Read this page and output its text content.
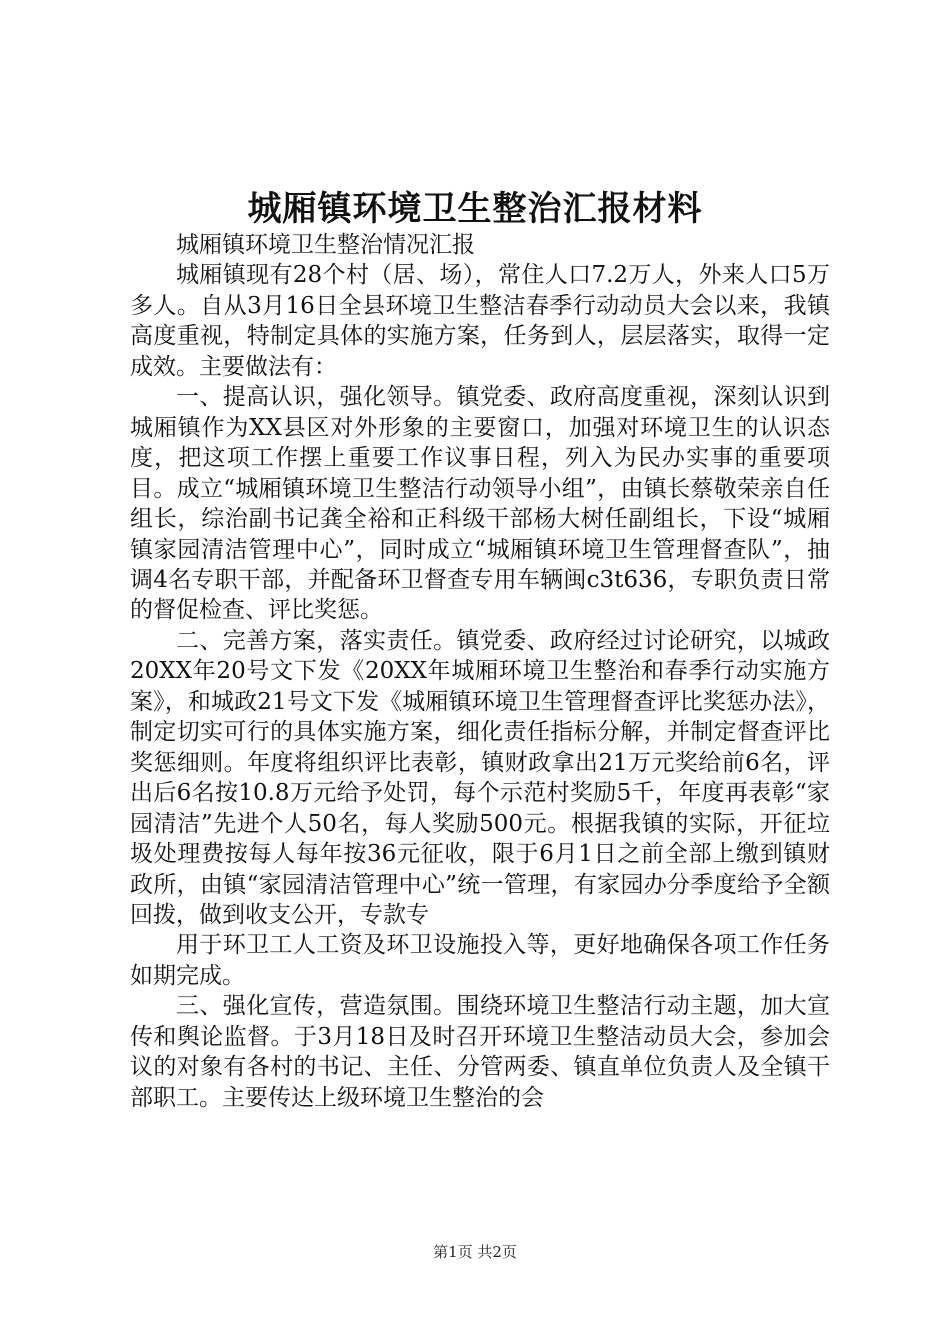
城厢镇环境卫生整治汇报材料

城厢镇环境卫生整治情况汇报

城厢镇现有28个村（居、场），常住人口7.2万人，外来人口5万多人。自从3月16日全县环境卫生整洁春季行动动员大会以来，我镇高度重视，特制定具体的实施方案，任务到人，层层落实，取得一定成效。主要做法有：

一、提高认识，强化领导。镇党委、政府高度重视，深刻认识到城厢镇作为XX县区对外形象的主要窗口，加强对环境卫生的认识态度，把这项工作摆上重要工作议事日程，列入为民办实事的重要项目。成立“城厢镇环境卫生整洁行动领导小组”，由镇长蔡敬荣亲自任组长，综治副书记龚全裕和正科级干部杨大树任副组长，下设“城厢镇家园清洁管理中心”，同时成立“城厢镇环境卫生管理督查队”，抽调4名专职干部，并配备环卫督查专用车辆闽c3t636，专职负责日常的督促检查、评比奖惩。

二、完善方案，落实责任。镇党委、政府经过讨论研究，以城政20XX年20号文下发《20XX年城厢环境卫生整治和春季行动实施方案》，和城政21号文下发《城厢镇环境卫生管理督查评比奖惩办法》，制定切实可行的具体实施方案，细化责任指标分解，并制定督查评比奖惩细则。年度将组织评比表彰，镇财政拿出21万元奖给前6名，评出后6名按10.8万元给予处罚，每个示范村奖励5千，年度再表彰“家园清洁”先进个人50名，每人奖励500元。根据我镇的实际，开征垃圾处理费按每人每年按36元征收，限于6月1日之前全部上缴到镇财政所，由镇“家园清洁管理中心”统一管理，有家园办分季度给予全额回拨，做到收支公开，专款专

用于环卫工人工资及环卫设施投入等，更好地确保各项工作任务如期完成。

三、强化宣传，营造氛围。围绕环境卫生整洁行动主题，加大宣传和舆论监督。于3月18日及时召开环境卫生整洁动员大会，参加会议的对象有各村的书记、主任、分管两委、镇直单位负责人及全镇干部职工。主要传达上级环境卫生整治的会

第1页 共2页
